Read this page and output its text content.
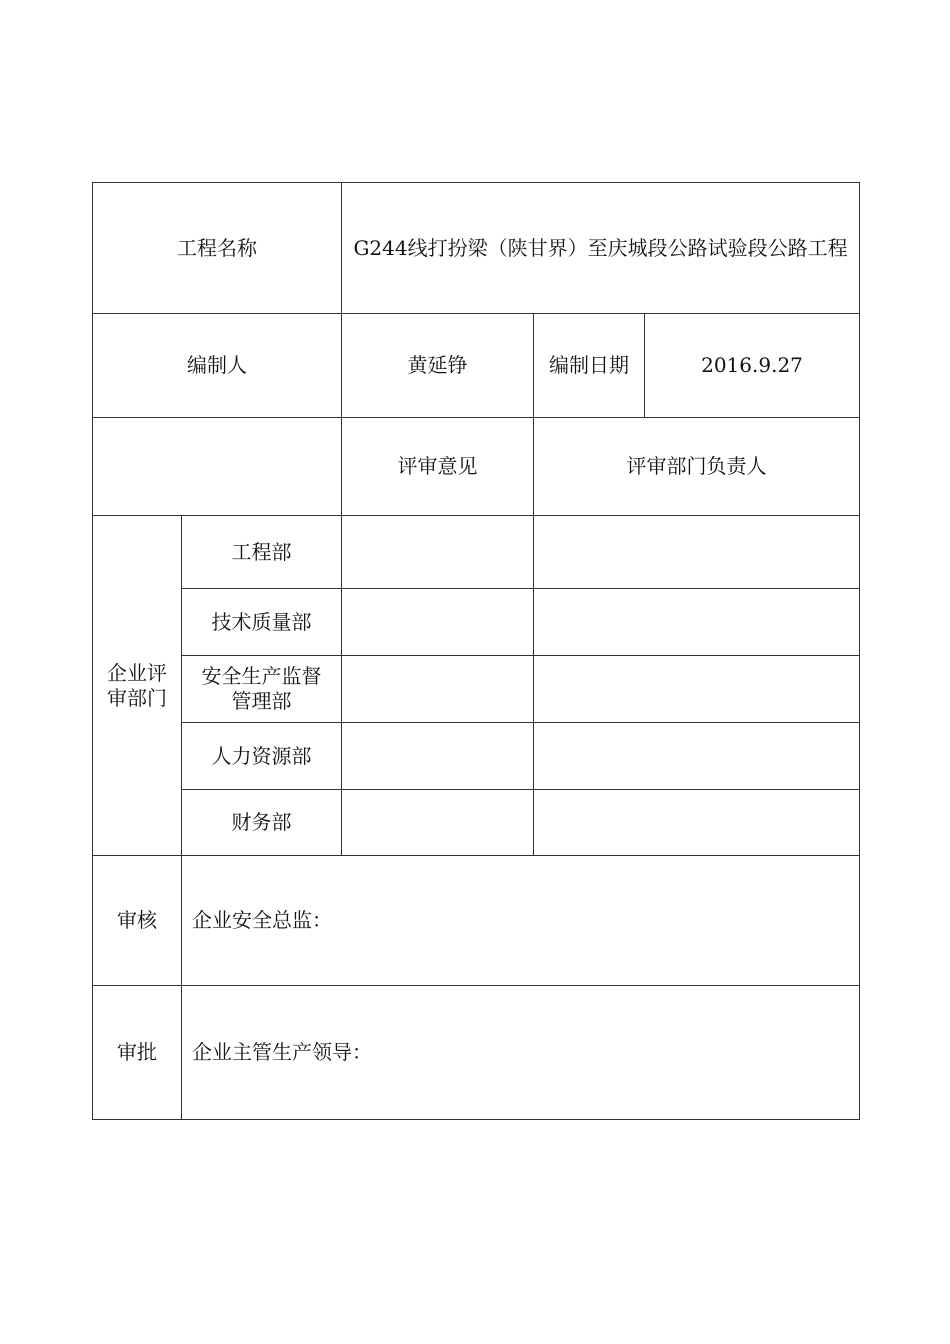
工程名称		G244线打扮梁（陕甘界）至庆城段公路试验段公路工程		
编制人		黄延铮	编制日期	2016.9.27
		评审意见	评审部门负责人	
企业评审部门	工程部			
	技术质量部			
	安全生产监督管理部			
	人力资源部			
	财务部			
审核	企业安全总监：			
审批	企业主管生产领导：			
